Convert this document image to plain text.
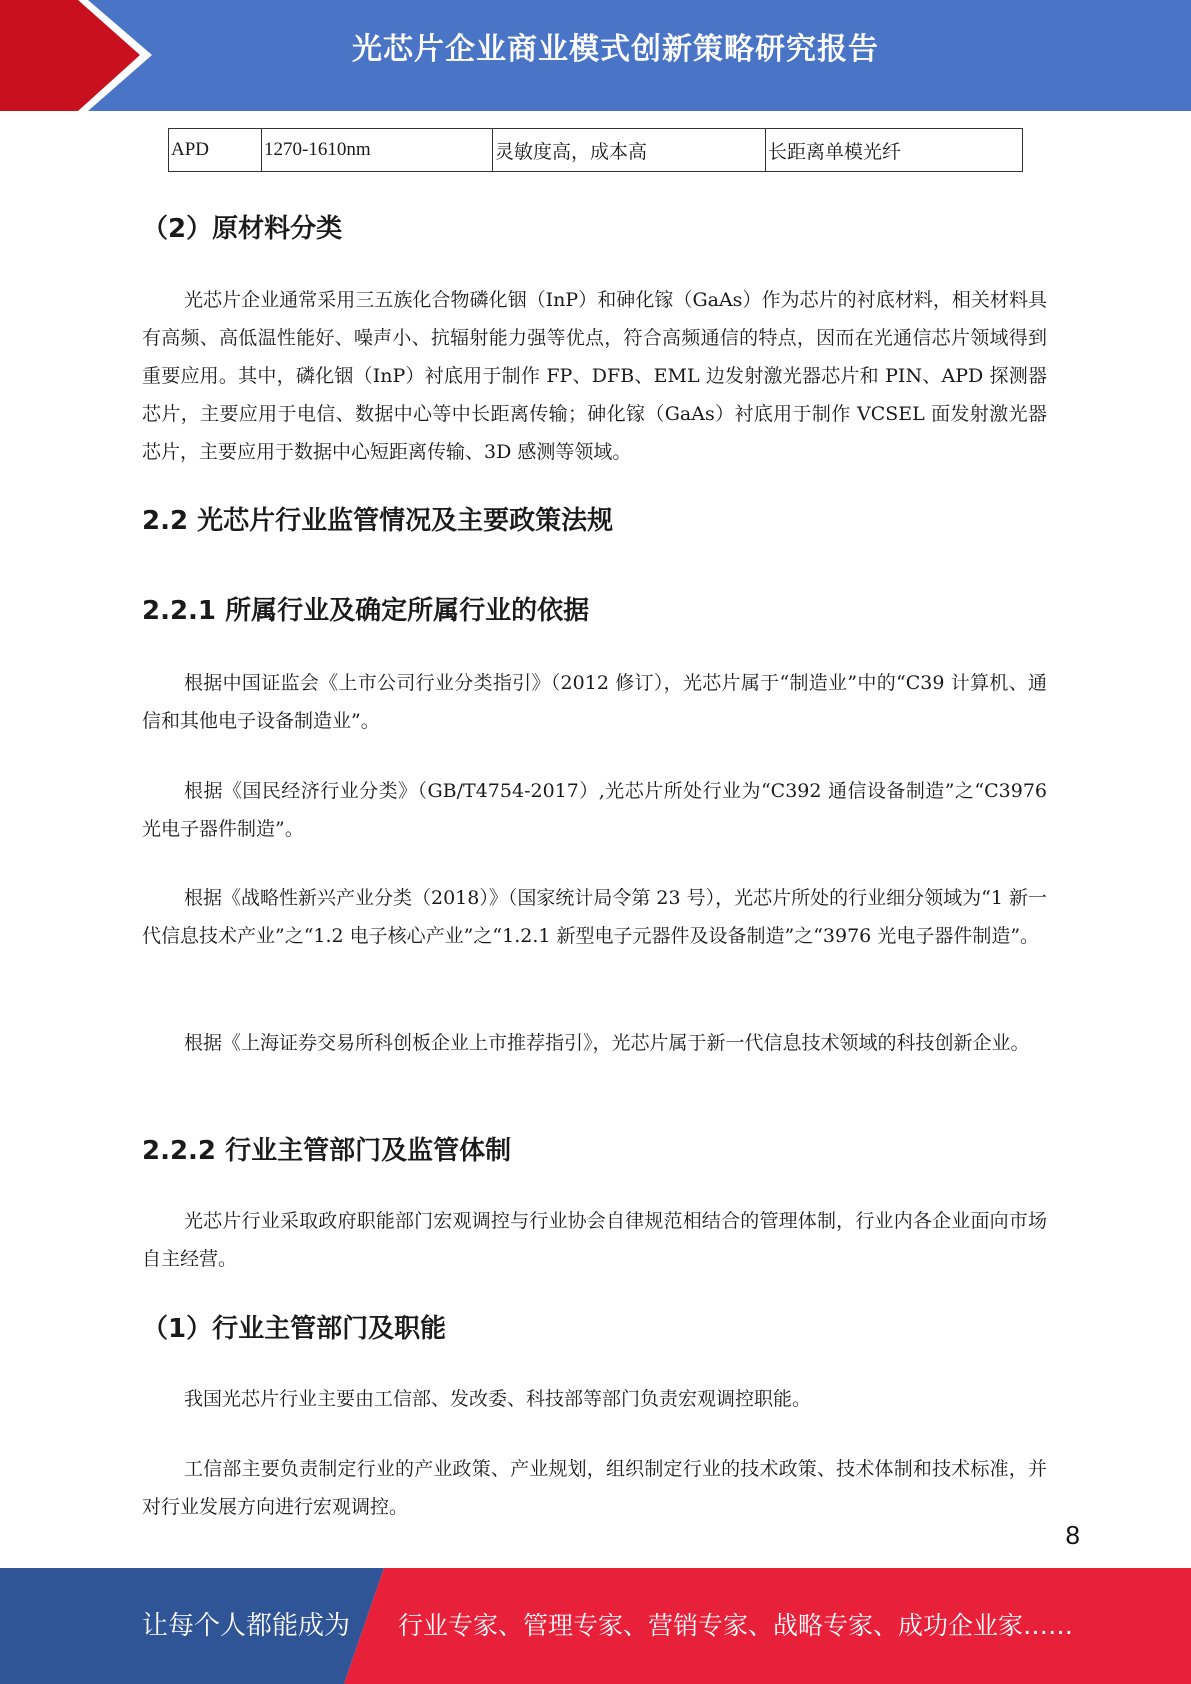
光芯片企业商业模式创新策略研究报告
APD	1270-1610nm	灵敏度高，成本高	长距离单模光纤
（2）原材料分类

光芯片企业通常采用三五族化合物磷化铟（InP）和砷化镓（GaAs）作为芯片的衬底材料，相关材料具有高频、高低温性能好、噪声小、抗辐射能力强等优点，符合高频通信的特点，因而在光通信芯片领域得到重要应用。其中，磷化铟（InP）衬底用于制作 FP、DFB、EML 边发射激光器芯片和 PIN、APD 探测器芯片，主要应用于电信、数据中心等中长距离传输；砷化镓（GaAs）衬底用于制作 VCSEL 面发射激光器芯片，主要应用于数据中心短距离传输、3D 感测等领域。

2.2 光芯片行业监管情况及主要政策法规
2.2.1 所属行业及确定所属行业的依据

根据中国证监会《上市公司行业分类指引》（2012 修订），光芯片属于“制造业”中的“C39 计算机、通信和其他电子设备制造业”。

根据《国民经济行业分类》（GB/T4754-2017）,光芯片所处行业为“C392 通信设备制造”之“C3976 光电子器件制造”。

根据《战略性新兴产业分类（2018）》（国家统计局令第 23 号），光芯片所处的行业细分领域为“1 新一代信息技术产业”之“1.2 电子核心产业”之“1.2.1 新型电子元器件及设备制造”之“3976 光电子器件制造”。

根据《上海证券交易所科创板企业上市推荐指引》，光芯片属于新一代信息技术领域的科技创新企业。

2.2.2 行业主管部门及监管体制

光芯片行业采取政府职能部门宏观调控与行业协会自律规范相结合的管理体制，行业内各企业面向市场自主经营。

（1）行业主管部门及职能

我国光芯片行业主要由工信部、发改委、科技部等部门负责宏观调控职能。

工信部主要负责制定行业的产业政策、产业规划，组织制定行业的技术政策、技术体制和技术标准，并对行业发展方向进行宏观调控。

8
让每个人都能成为 行业专家、管理专家、营销专家、战略专家、成功企业家……
